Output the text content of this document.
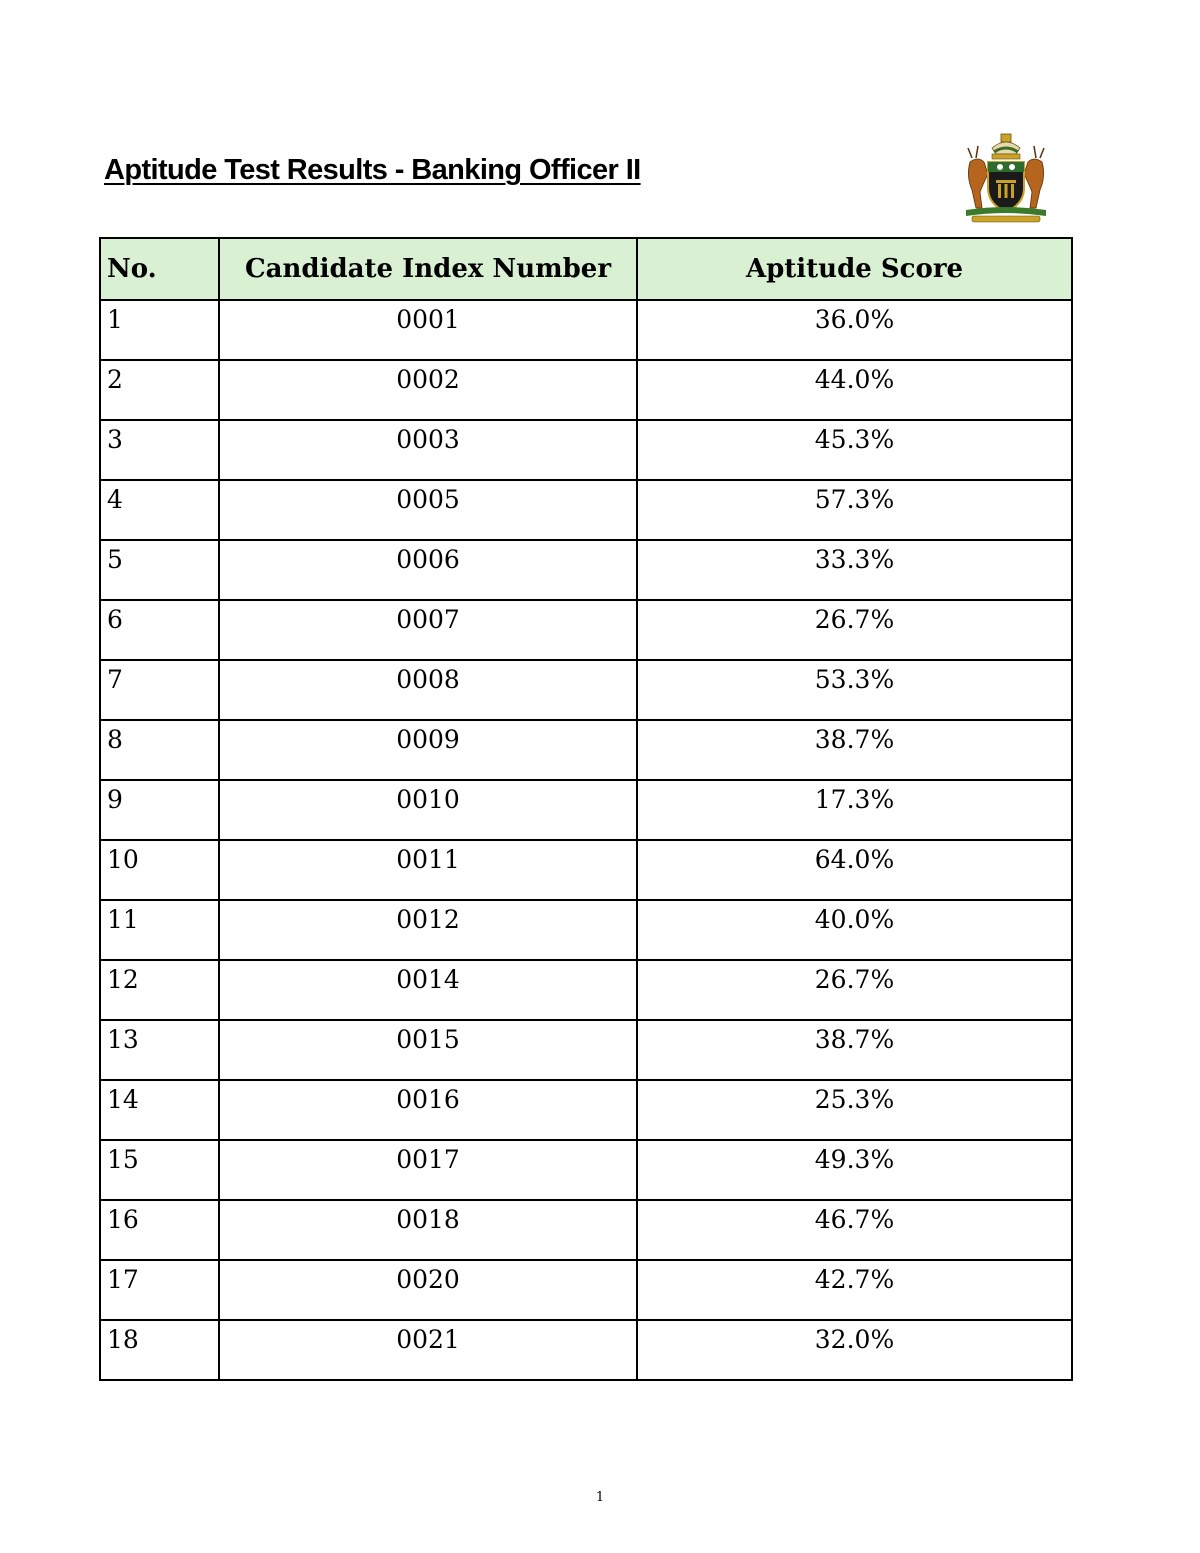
Aptitude Test Results - Banking Officer II
No.	Candidate Index Number	Aptitude Score
1	0001	36.0%
2	0002	44.0%
3	0003	45.3%
4	0005	57.3%
5	0006	33.3%
6	0007	26.7%
7	0008	53.3%
8	0009	38.7%
9	0010	17.3%
10	0011	64.0%
11	0012	40.0%
12	0014	26.7%
13	0015	38.7%
14	0016	25.3%
15	0017	49.3%
16	0018	46.7%
17	0020	42.7%
18	0021	32.0%
1
